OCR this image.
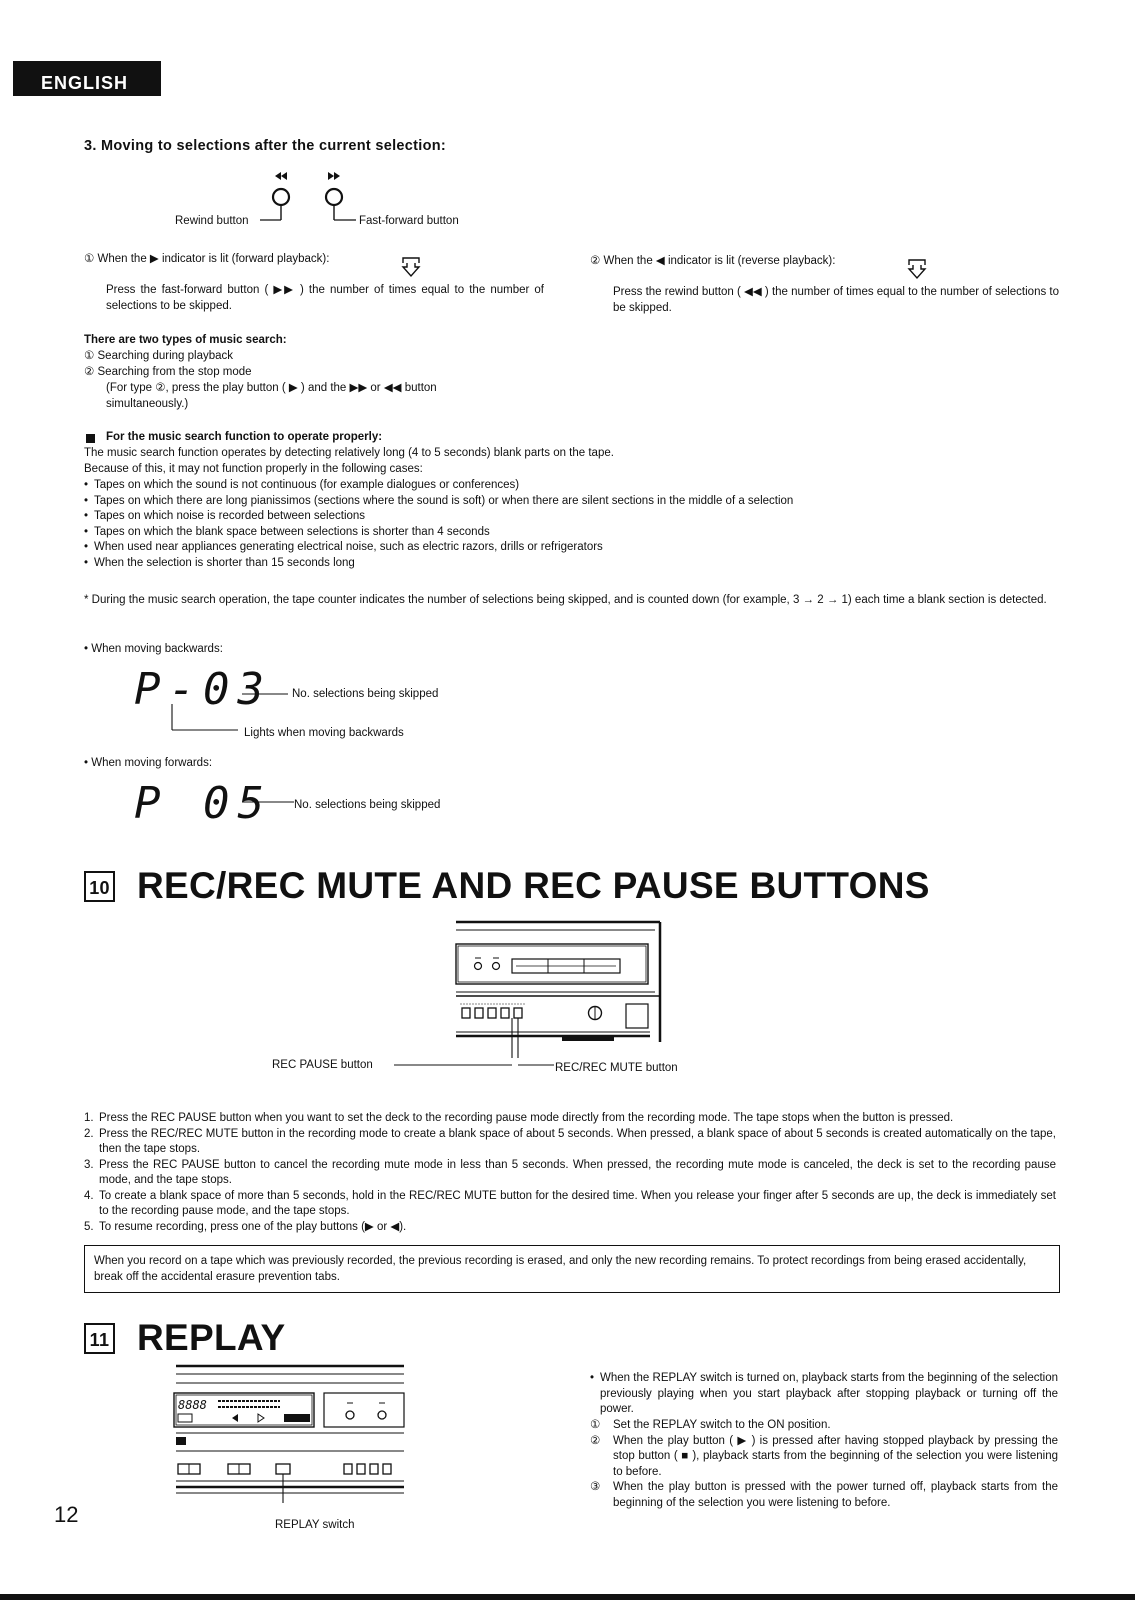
ENGLISH
3. Moving to selections after the current selection:
Rewind button	Fast-forward button
① When the ▶ indicator is lit (forward playback):
Press the fast-forward button ( ▶▶ ) the number of times equal to the number of selections to be skipped.
② When the ◀ indicator is lit (reverse playback):
Press the rewind button ( ◀◀ ) the number of times equal to the number of selections to be skipped.
There are two types of music search:
① Searching during playback
② Searching from the stop mode
(For type ②, press the play button ( ▶ ) and the ▶▶ or ◀◀ button
simultaneously.)
For the music search function to operate properly:
The music search function operates by detecting relatively long (4 to 5 seconds) blank parts on the tape.
Because of this, it may not function properly in the following cases:
• Tapes on which the sound is not continuous (for example dialogues or conferences)
• Tapes on which there are long pianissimos (sections where the sound is soft) or when there are silent sections in the middle of a selection
• Tapes on which noise is recorded between selections
• Tapes on which the blank space between selections is shorter than 4 seconds
• When used near appliances generating electrical noise, such as electric razors, drills or refrigerators
• When the selection is shorter than 15 seconds long
* During the music search operation, the tape counter indicates the number of selections being skipped, and is counted down (for example, 3 → 2 → 1) each time a blank section is detected.
• When moving backwards:
P-03 No. selections being skipped
Lights when moving backwards
• When moving forwards:
P 05 No. selections being skipped
10 REC/REC MUTE AND REC PAUSE BUTTONS
REC PAUSE button	REC/REC MUTE button
1. Press the REC PAUSE button when you want to set the deck to the recording pause mode directly from the recording mode. The tape stops when the button is pressed.
2. Press the REC/REC MUTE button in the recording mode to create a blank space of about 5 seconds. When pressed, a blank space of about 5 seconds is created automatically on the tape, then the tape stops.
3. Press the REC PAUSE button to cancel the recording mute mode in less than 5 seconds. When pressed, the recording mute mode is canceled, the deck is set to the recording pause mode, and the tape stops.
4. To create a blank space of more than 5 seconds, hold in the REC/REC MUTE button for the desired time. When you release your finger after 5 seconds are up, the deck is immediately set to the recording pause mode, and the tape stops.
5. To resume recording, press one of the play buttons (▶ or ◀).
When you record on a tape which was previously recorded, the previous recording is erased, and only the new recording remains. To protect recordings from being erased accidentally, break off the accidental erasure prevention tabs.
11 REPLAY
8888
REPLAY switch
• When the REPLAY switch is turned on, playback starts from the beginning of the selection previously playing when you start playback after stopping playback or turning off the power.
① Set the REPLAY switch to the ON position.
② When the play button ( ▶ ) is pressed after having stopped playback by pressing the stop button ( ■ ), playback starts from the beginning of the selection you were listening to before.
③ When the play button is pressed with the power turned off, playback starts from the beginning of the selection you were listening to before.
12
